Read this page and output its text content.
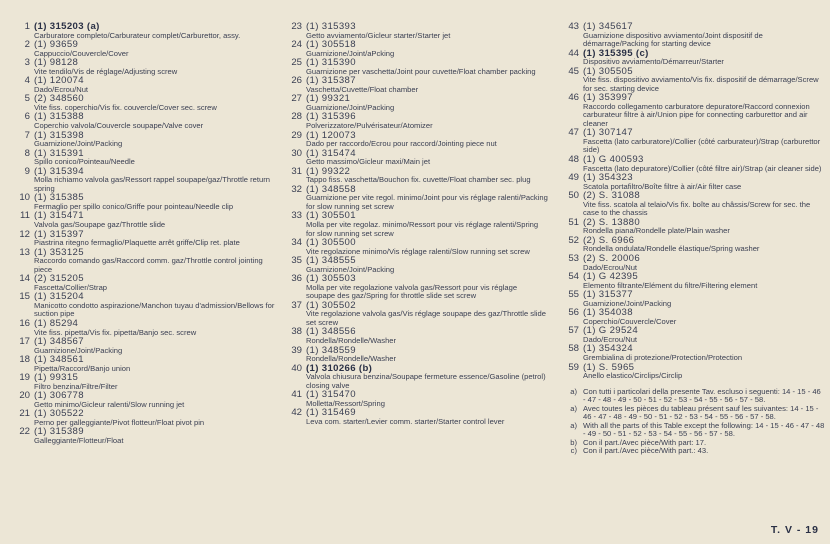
1 (1) 315203 (a)
Carburatore completo/Carburateur complet/Carburettor, assy.
2 (1) 93659
Cappuccio/Couvercle/Cover
3 (1) 98128
Vite tendilo/Vis de réglage/Adjusting screw
4 (1) 120074
Dado/Ecrou/Nut
5 (2) 348560
Vite fiss. coperchio/Vis fix. couvercle/Cover sec. screw
6 (1) 315388
Coperchio valvola/Couvercle soupape/Valve cover
7 (1) 315398
Guarnizione/Joint/Packing
8 (1) 315391
Spillo conico/Pointeau/Needle
9 (1) 315394
Molla richiamo valvola gas/Ressort rappel soupape/gaz/Throttle return spring
10 (1) 315385
Fermaglio per spillo conico/Griffe pour pointeau/Needle clip
11 (1) 315471
Valvola gas/Soupape gaz/Throttle slide
12 (1) 315397
Piastrina ritegno fermaglio/Plaquette arrêt griffe/Clip ret. plate
13 (1) 353125
Raccordo comando gas/Raccord comm. gaz/Throttle control jointing piece
14 (2) 315205
Fascetta/Collier/Strap
15 (1) 315204
Manicotto condotto aspirazione/Manchon tuyau d'admission/Bellows for suction pipe
16 (1) 85294
Vite fiss. pipetta/Vis fix. pipetta/Banjo sec. screw
17 (1) 348567
Guarnizione/Joint/Packing
18 (1) 348561
Pipetta/Raccord/Banjo union
19 (1) 99315
Filtro benzina/Filtre/Filter
20 (1) 306778
Getto minimo/Gicleur ralenti/Slow running jet
21 (1) 305522
Perno per galleggiante/Pivot flotteur/Float pivot pin
22 (1) 315389
Galleggiante/Flotteur/Float
23 (1) 315393
Getto avviamento/Gicleur starter/Starter jet
24 (1) 305518
Guarnizione/Joint/aPcking
25 (1) 315390
Guarnizione per vaschetta/Joint pour cuvette/Float chamber packing
26 (1) 315387
Vaschetta/Cuvette/Float chamber
27 (1) 99321
Guarnizione/Joint/Packing
28 (1) 315396
Polverizzatore/Pulvérisateur/Atomizer
29 (1) 120073
Dado per raccordo/Ecrou pour raccord/Jointing piece nut
30 (1) 315474
Getto massimo/Gicleur maxi/Main jet
31 (1) 99322
Tappo fiss. vaschetta/Bouchon fix. cuvette/Float chamber sec. plug
32 (1) 348558
Guarnizione per vite regol. minimo/Joint pour vis réglage ralenti/Packing for slow running set screw
33 (1) 305501
Molla per vite regolaz. minimo/Ressort pour vis réglage ralenti/Spring for slow running set screw
34 (1) 305500
Vite regolazione minimo/Vis réglage ralenti/Slow running set screw
35 (1) 348555
Guarnizione/Joint/Packing
36 (1) 305503
Molla per vite regolazione valvola gas/Ressort pour vis réglage soupape des gaz/Spring for throttle slide set screw
37 (1) 305502
Vite regolazione valvola gas/Vis réglage soupape des gaz/Throttle slide set screw
38 (1) 348556
Rondella/Rondelle/Washer
39 (1) 348559
Rondella/Rondelle/Washer
40 (1) 310266 (b)
Valvola chiusura benzina/Soupape fermeture essence/Gasoline (petrol) closing valve
41 (1) 315470
Molletta/Ressort/Spring
42 (1) 315469
Leva com. starter/Levier comm. starter/Starter control lever
43 (1) 345617
Guarnizione dispositivo avviamento/Joint dispositif de démarrage/Packing for starting device
44 (1) 315395 (c)
Dispositivo avviamento/Démarreur/Starter
45 (1) 305505
Vite fiss. dispositivo avviamento/Vis fix. dispositif de démarrage/Screw for sec. starting device
46 (1) 353997
Raccordo collegamento carburatore depuratore/Raccord connexion carburateur filtre à air/Union pipe for connecting carburettor and air cleaner
47 (1) 307147
Fascetta (lato carburatore)/Collier (côté carburateur)/Strap (carburettor side)
48 (1) G 400593
Fascetta (lato depuratore)/Collier (côté filtre air)/Strap (air cleaner side)
49 (1) 354323
Scatola portafiltro/Boîte filtre à air/Air filter case
50 (2) S. 31088
Vite fiss. scatola al telaio/Vis fix. boîte au châssis/Screw for sec. the case to the chassis
51 (2) S. 13880
Rondella piana/Rondelle plate/Plain washer
52 (2) S. 6966
Rondella ondulata/Rondelle élastique/Spring washer
53 (2) S. 20006
Dado/Ecrou/Nut
54 (1) G 42395
Elemento filtrante/Elément du filtre/Filtering element
55 (1) 315377
Guarnizione/Joint/Packing
56 (1) 354038
Coperchio/Couvercle/Cover
57 (1) G 29524
Dado/Ecrou/Nut
58 (1) 354324
Grembialina di protezione/Protection/Protection
59 (1) S. 5965
Anello elastico/Circlips/Circlip
a) Con tutti i particolari della presente Tav. escluso i seguenti: 14 - 15 - 46 - 47 - 48 - 49 - 50 - 51 - 52 - 53 - 54 - 55 - 56 - 57 - 58.
a) Avec toutes les pièces du tableau présent sauf les suivantes: 14 - 15 - 46 - 47 - 48 - 49 - 50 - 51 - 52 - 53 - 54 - 55 - 56 - 57 - 58.
a) With all the parts of this Table except the following: 14 - 15 - 46 - 47 - 48 - 49 - 50 - 51 - 52 - 53 - 54 - 55 - 56 - 57 - 58.
b) Con il part./Avec pièce/With part: 17.
c) Con il part./Avec pièce/With part.: 43.
T. V - 19
